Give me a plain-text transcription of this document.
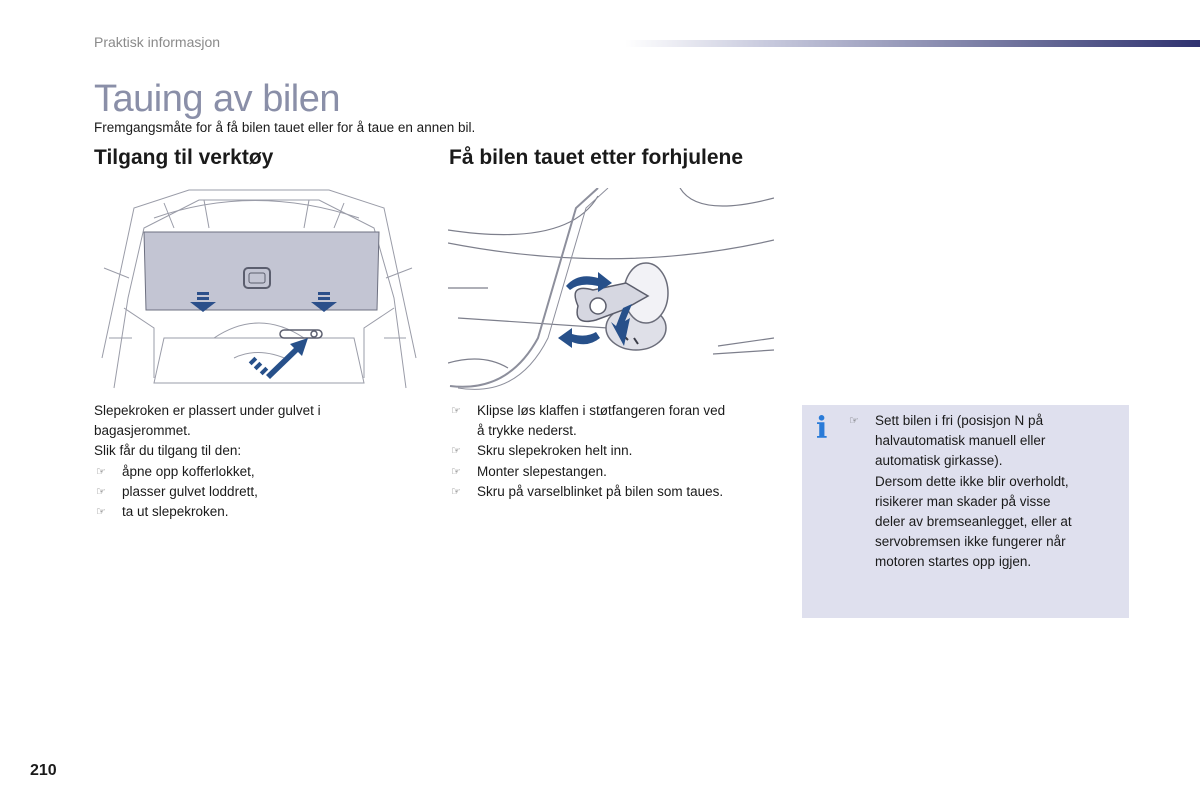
Praktisk informasjon
Tauing av bilen
Fremgangsmåte for å få bilen tauet eller for å taue en annen bil.
Tilgang til verktøy	Få bilen tauet etter forhjulene
Slepekroken er plassert under gulvet i
bagasjerommet.
Slik får du tilgang til den:
☞ åpne opp kofferlokket,
☞ plasser gulvet loddrett,
☞ ta ut slepekroken.
☞ Klipse løs klaffen i støtfangeren foran ved
å trykke nederst.
☞ Skru slepekroken helt inn.
☞ Monter slepestangen.
☞ Skru på varselblinket på bilen som taues.
i ☞	Sett bilen i fri (posisjon N på
halvautomatisk manuell eller
automatisk girkasse).
Dersom dette ikke blir overholdt,
risikerer man skader på visse
deler av bremseanlegget, eller at
servobremsen ikke fungerer når
motoren startes opp igjen.
210
